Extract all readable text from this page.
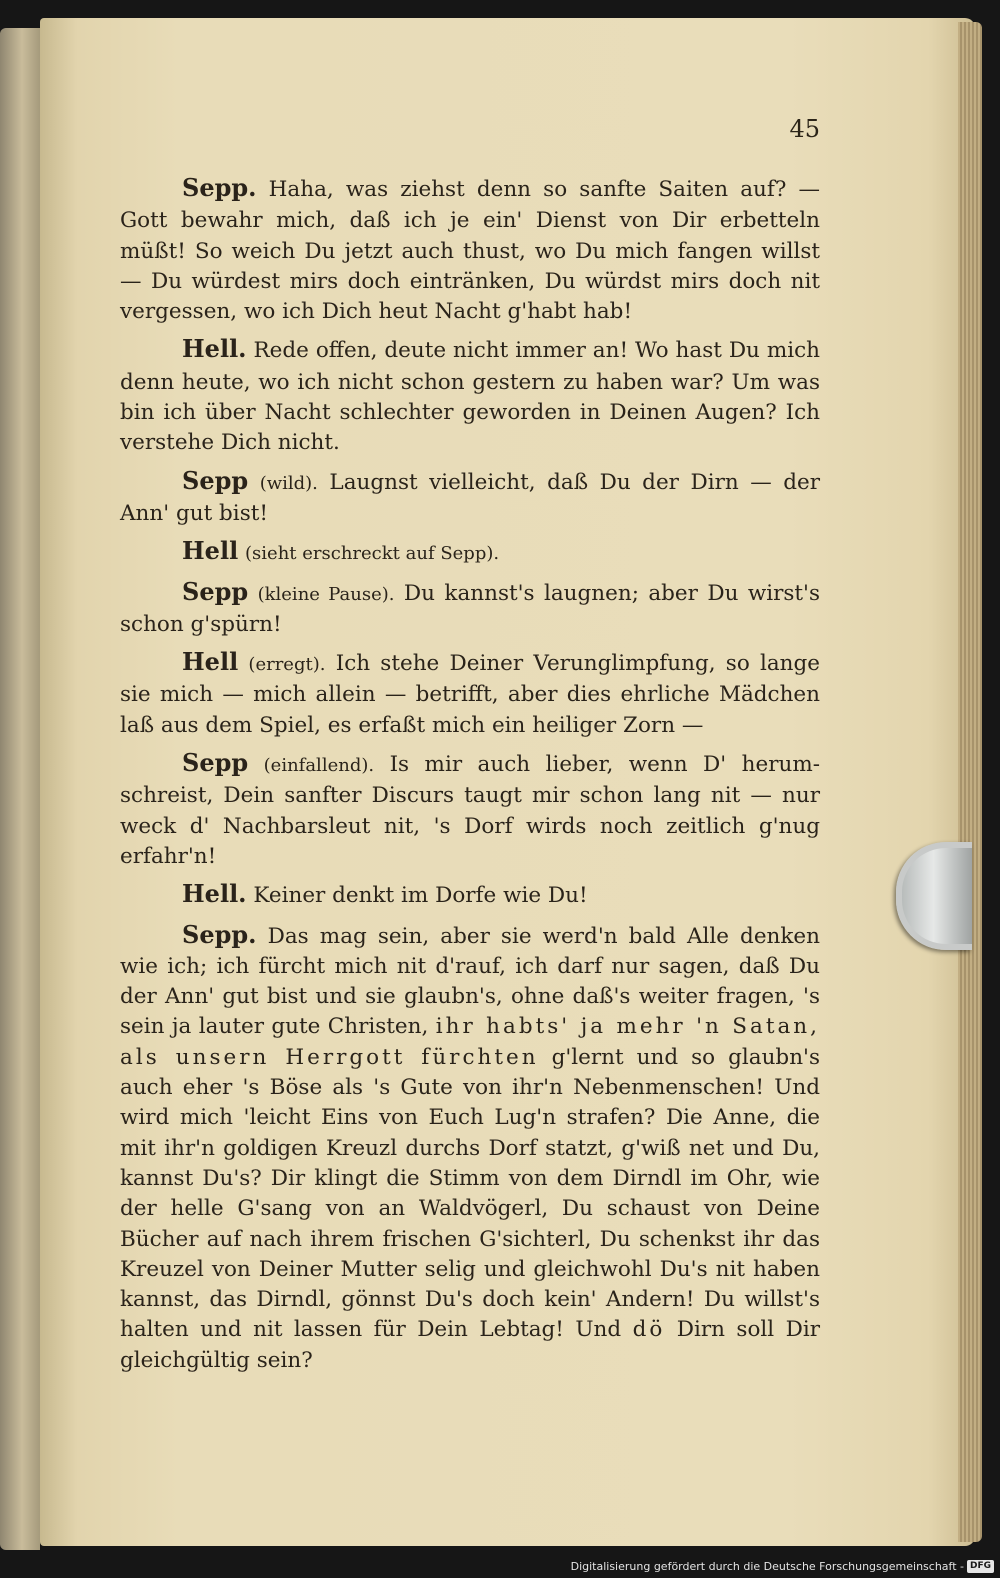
45

Sepp. Haha, was ziehst denn so sanfte Saiten auf? — Gott bewahr mich, daß ich je ein' Dienst von Dir erbetteln müßt! So weich Du jetzt auch thust, wo Du mich fangen willst — Du würdest mirs doch eintränken, Du würdst mirs doch nit vergessen, wo ich Dich heut Nacht g'habt hab!

Hell. Rede offen, deute nicht immer an! Wo hast Du mich denn heute, wo ich nicht schon gestern zu haben war? Um was bin ich über Nacht schlechter geworden in Deinen Augen? Ich verstehe Dich nicht.

Sepp (wild). Laugnst vielleicht, daß Du der Dirn — der Ann' gut bist!

Hell (sieht erschreckt auf Sepp).

Sepp (kleine Pause). Du kannst's laugnen; aber Du wirst's schon g'spürn!

Hell (erregt). Ich stehe Deiner Verunglimpfung, so lange sie mich — mich allein — betrifft, aber dies ehrliche Mädchen laß aus dem Spiel, es erfaßt mich ein heiliger Zorn —

Sepp (einfallend). Is mir auch lieber, wenn D' herumschreist, Dein sanfter Discurs taugt mir schon lang nit — nur weck d' Nachbarsleut nit, 's Dorf wirds noch zeitlich g'nug erfahr'n!

Hell. Keiner denkt im Dorfe wie Du!

Sepp. Das mag sein, aber sie werd'n bald Alle denken wie ich; ich fürcht mich nit d'rauf, ich darf nur sagen, daß Du der Ann' gut bist und sie glaubn's, ohne daß's weiter fragen, 's sein ja lauter gute Christen, ihr habts' ja mehr 'n Satan, als unsern Herrgott fürchten g'lernt und so glaubn's auch eher 's Böse als 's Gute von ihr'n Nebenmenschen! Und wird mich 'leicht Eins von Euch Lug'n strafen? Die Anne, die mit ihr'n goldigen Kreuzl durchs Dorf statzt, g'wiß net und Du, kannst Du's? Dir klingt die Stimm von dem Dirndl im Ohr, wie der helle G'sang von an Waldvögerl, Du schaust von Deine Bücher auf nach ihrem frischen G'sichterl, Du schenkst ihr das Kreuzel von Deiner Mutter selig und gleichwohl Du's nit haben kannst, das Dirndl, gönnst Du's doch kein' Andern! Du willst's halten und nit lassen für Dein Lebtag! Und dö Dirn soll Dir gleichgültig sein?

Digitalisierung gefördert durch die Deutsche Forschungsgemeinschaft - DFG
